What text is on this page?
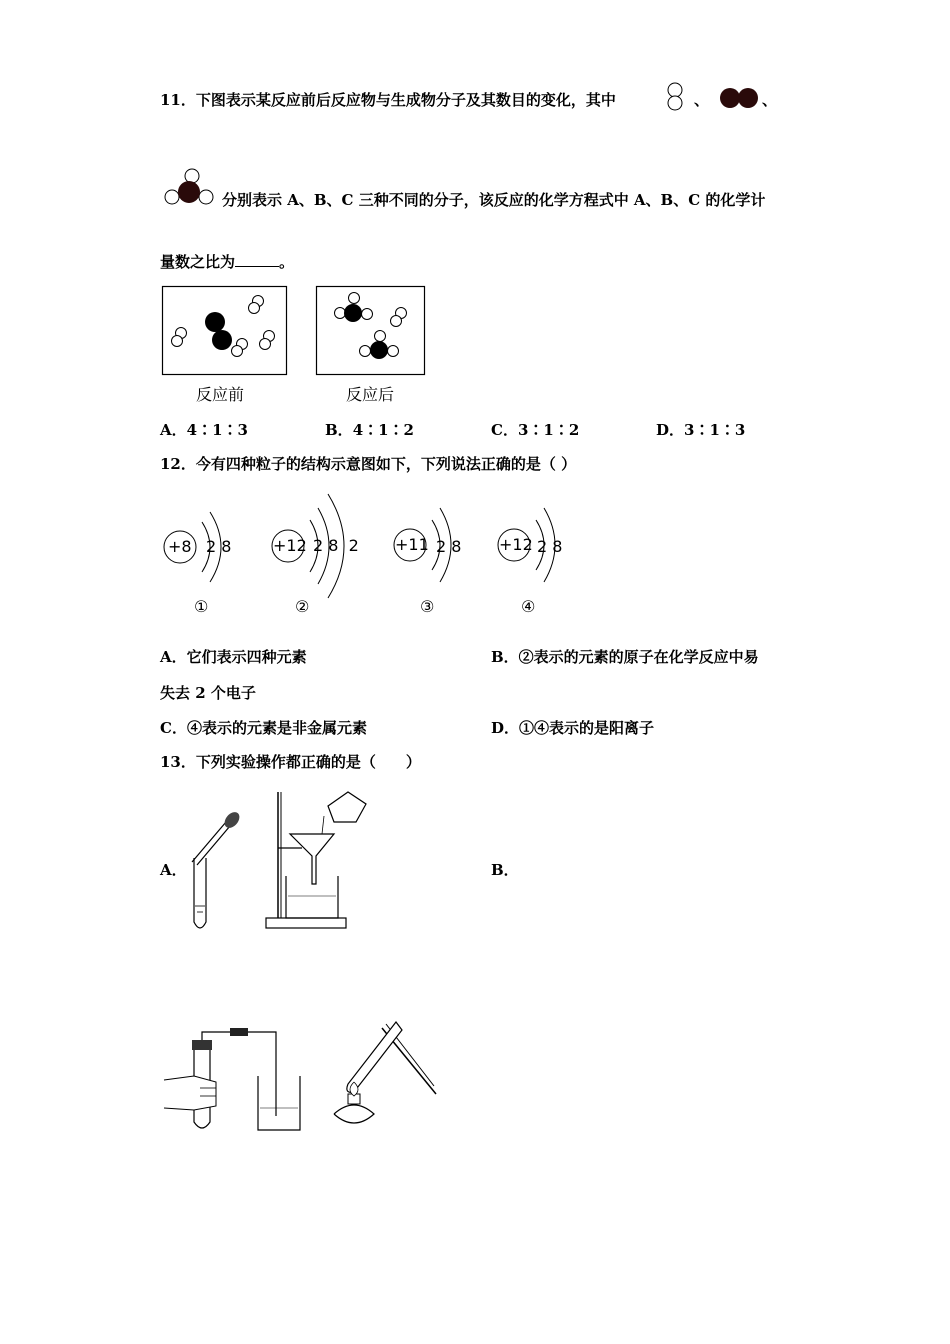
11．下图表示某反应前后反应物与生成物分子及其数目的变化，其中	、	、
分别表示 A、B、C 三种不同的分子，该反应的化学方程式中 A、B、C 的化学计
量数之比为	。
反应前	反应后
A．4∶1∶3	B．4∶1∶2	C．3∶1∶2	D．3∶1∶3
12．今有四种粒子的结构示意图如下，下列说法正确的是（ ）
+8 2 8	+12 2 8  2 +11 2 8 +12 2 8
①	②	③	④
A．它们表示四种元素	B．②表示的元素的原子在化学反应中易
失去 2 个电子
C．④表示的元素是非金属元素	D．①④表示的是阳离子
13．下列实验操作都正确的是（　　）
A．	B．
